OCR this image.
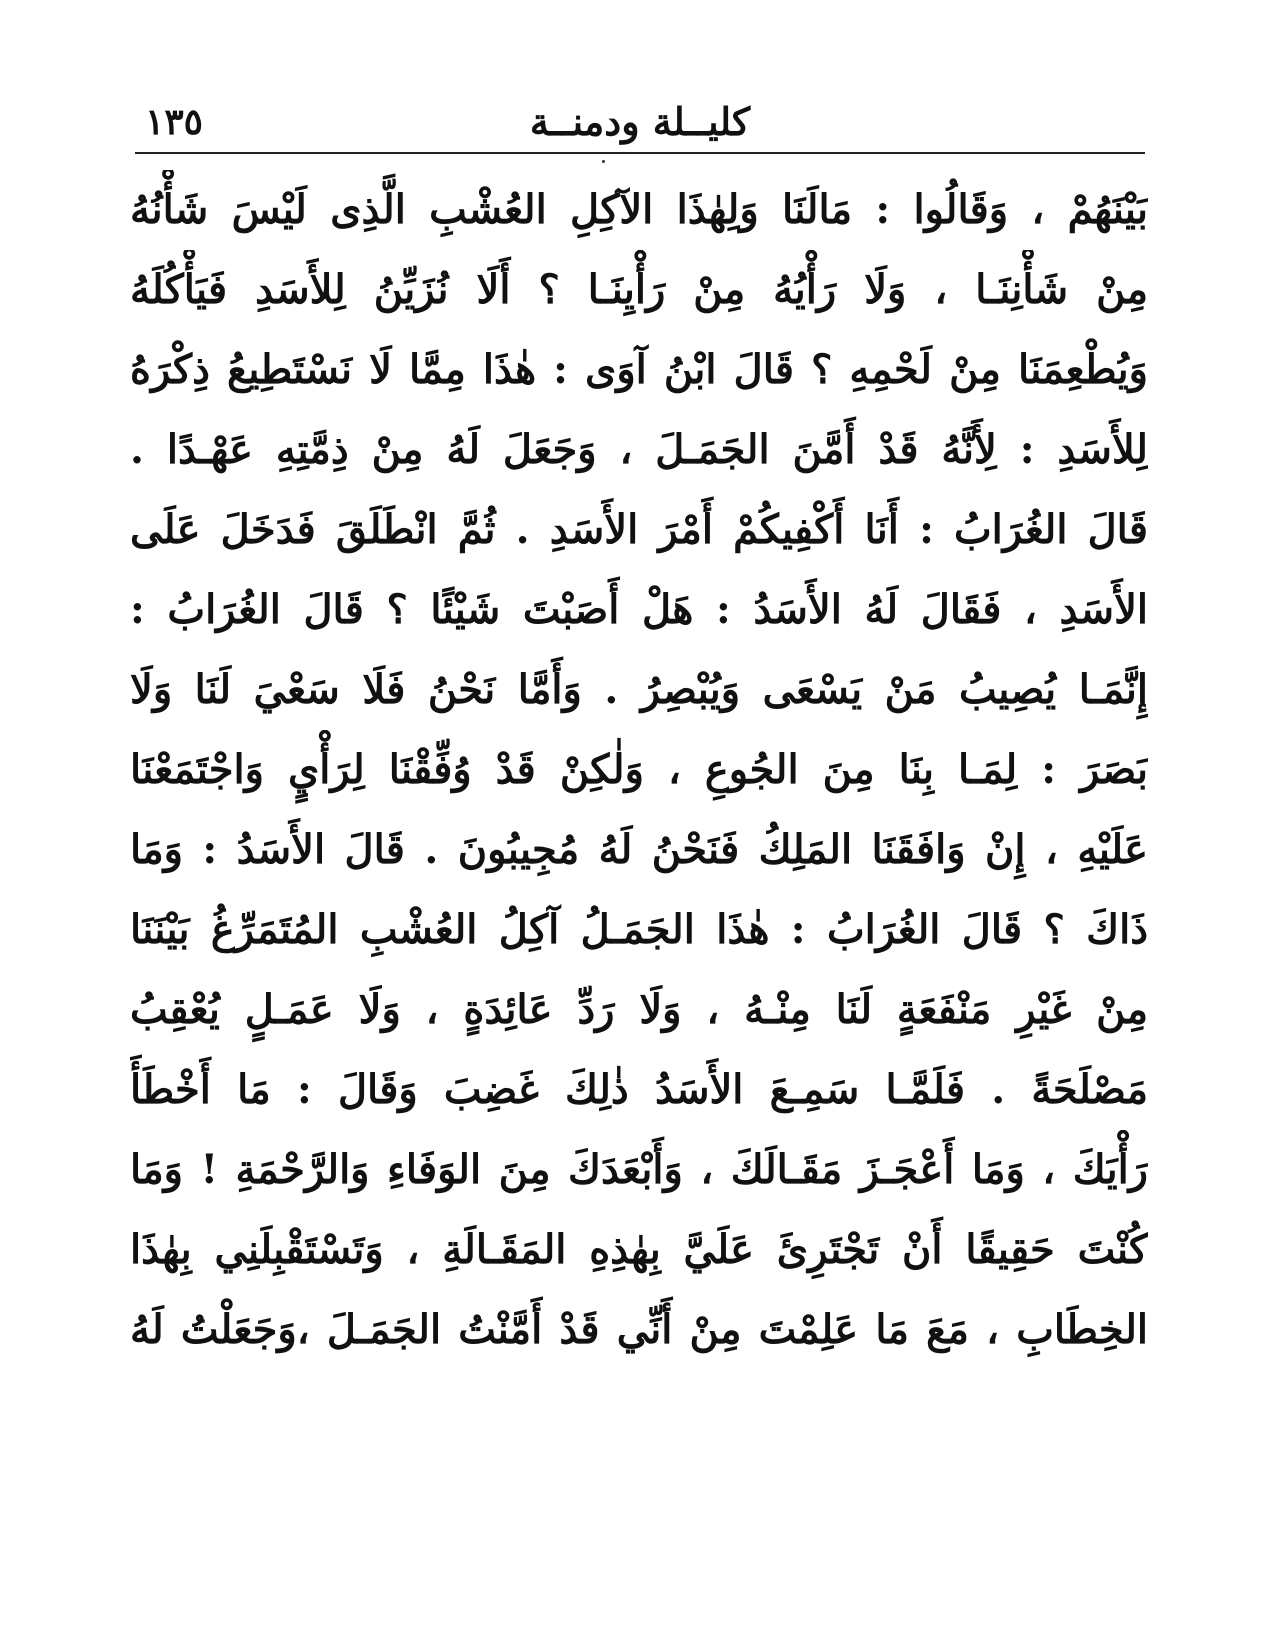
كليــلة ودمنــة
١٣٥
بَيْنَهُمْ ، وَقَالُوا : مَالَنَا وَلِهٰذَا الآكِلِ العُشْبِ الَّذِى لَيْسَ شَأْنُهُ
مِنْ شَأْنِنَـا ، وَلَا رَأْيُهُ مِنْ رَأْيِنَـا ؟ أَلَا نُزَيِّنُ لِلأَسَدِ فَيَأْكُلَهُ
وَيُطْعِمَنَا مِنْ لَحْمِهِ ؟ قَالَ ابْنُ آوَى : هٰذَا مِمَّا لَا نَسْتَطِيعُ ذِكْرَهُ
لِلأَسَدِ : لِأَنَّهُ قَدْ أَمَّنَ الجَمَـلَ ، وَجَعَلَ لَهُ مِنْ ذِمَّتِهِ عَهْـدًا .
قَالَ الغُرَابُ : أَنَا أَكْفِيكُمْ أَمْرَ الأَسَدِ . ثُمَّ انْطَلَقَ فَدَخَلَ عَلَى
الأَسَدِ ، فَقَالَ لَهُ الأَسَدُ : هَلْ أَصَبْتَ شَيْئًا ؟ قَالَ الغُرَابُ :
إِنَّمَـا يُصِيبُ مَنْ يَسْعَى وَيُبْصِرُ . وَأَمَّا نَحْنُ فَلَا سَعْيَ لَنَا وَلَا
بَصَرَ : لِمَـا بِنَا مِنَ الجُوعِ ، وَلٰكِنْ قَدْ وُفِّقْنَا لِرَأْيٍ وَاجْتَمَعْنَا
عَلَيْهِ ، إِنْ وَافَقَنَا المَلِكُ فَنَحْنُ لَهُ مُجِيبُونَ . قَالَ الأَسَدُ : وَمَا
ذَاكَ ؟ قَالَ الغُرَابُ : هٰذَا الجَمَـلُ آكِلُ العُشْبِ المُتَمَرِّغُ بَيْنَنَا
مِنْ غَيْرِ مَنْفَعَةٍ لَنَا مِنْـهُ ، وَلَا رَدِّ عَائِدَةٍ ، وَلَا عَمَـلٍ يُعْقِبُ
مَصْلَحَةً . فَلَمَّـا سَمِـعَ الأَسَدُ ذٰلِكَ غَضِبَ وَقَالَ : مَا أَخْطَأَ
رَأْيَكَ ، وَمَا أَعْجَـزَ مَقَـالَكَ ، وَأَبْعَدَكَ مِنَ الوَفَاءِ وَالرَّحْمَةِ ! وَمَا
كُنْتَ حَقِيقًا أَنْ تَجْتَرِئَ عَلَيَّ بِهٰذِهِ المَقَـالَةِ ، وَتَسْتَقْبِلَنِي بِهٰذَا
الخِطَابِ ، مَعَ مَا عَلِمْتَ مِنْ أَنِّي قَدْ أَمَّنْتُ الجَمَـلَ ،وَجَعَلْتُ لَهُ
